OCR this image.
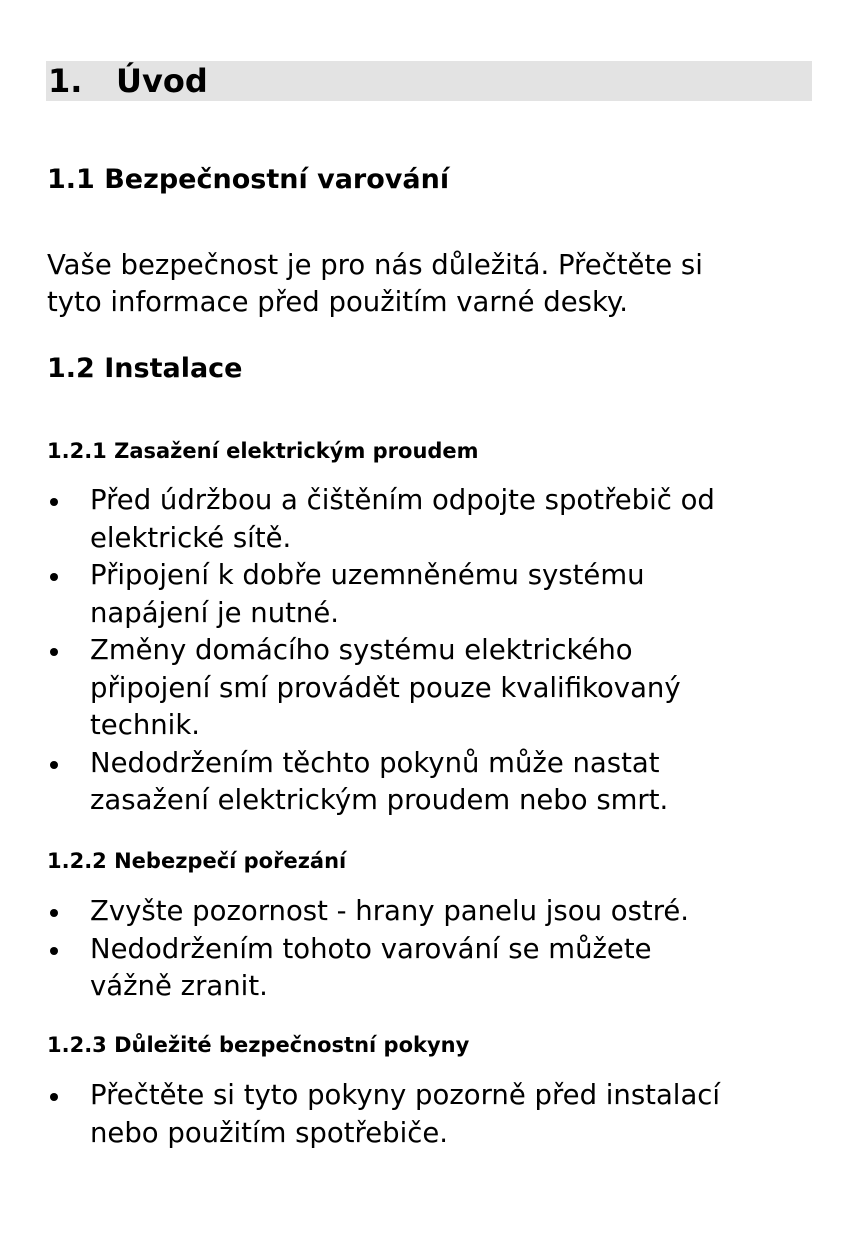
1. Úvod
1.1 Bezpečnostní varování

Vaše bezpečnost je pro nás důležitá. Přečtěte si
tyto informace před použitím varné desky.

1.2 Instalace
1.2.1 Zasažení elektrickým proudem
Před údržbou a čištěním odpojte spotřebič od
elektrické sítě.
Připojení k dobře uzemněnému systému
napájení je nutné.
Změny domácího systému elektrického
připojení smí provádět pouze kvalifikovaný
technik.
Nedodržením těchto pokynů může nastat
zasažení elektrickým proudem nebo smrt.
1.2.2 Nebezpečí pořezání
Zvyšte pozornost - hrany panelu jsou ostré.
Nedodržením tohoto varování se můžete
vážně zranit.
1.2.3 Důležité bezpečnostní pokyny
Přečtěte si tyto pokyny pozorně před instalací
nebo použitím spotřebiče.
